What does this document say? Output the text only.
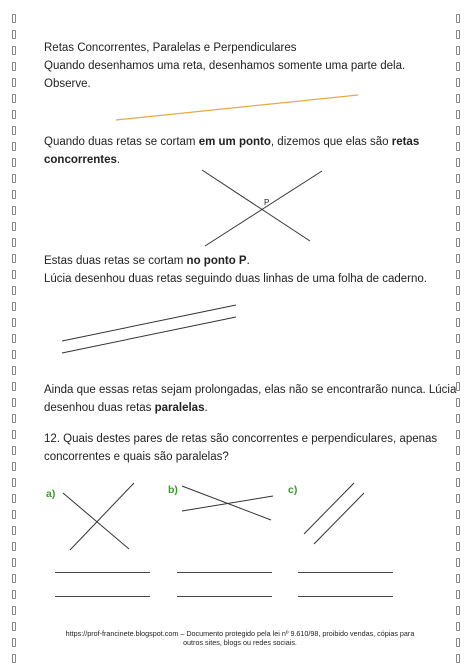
Retas Concorrentes, Paralelas e Perpendiculares
Quando desenhamos uma reta, desenhamos somente uma parte dela.
Observe.
P
Quando duas retas se cortam em um ponto, dizemos que elas são retas
concorrentes.
Estas duas retas se cortam no ponto P.
Lúcia desenhou duas retas seguindo duas linhas de uma folha de caderno.
Ainda que essas retas sejam prolongadas, elas não se encontrarão nunca. Lúcia
desenhou duas retas paralelas.
12. Quais destes pares de retas são concorrentes e perpendiculares, apenas
concorrentes e quais são paralelas?
a)	b)	c)
https://prof-francinete.blogspot.com – Documento protegido pela lei nº 9.610/98, proibido vendas, cópias para
outros sites, blogs ou redes sociais.
